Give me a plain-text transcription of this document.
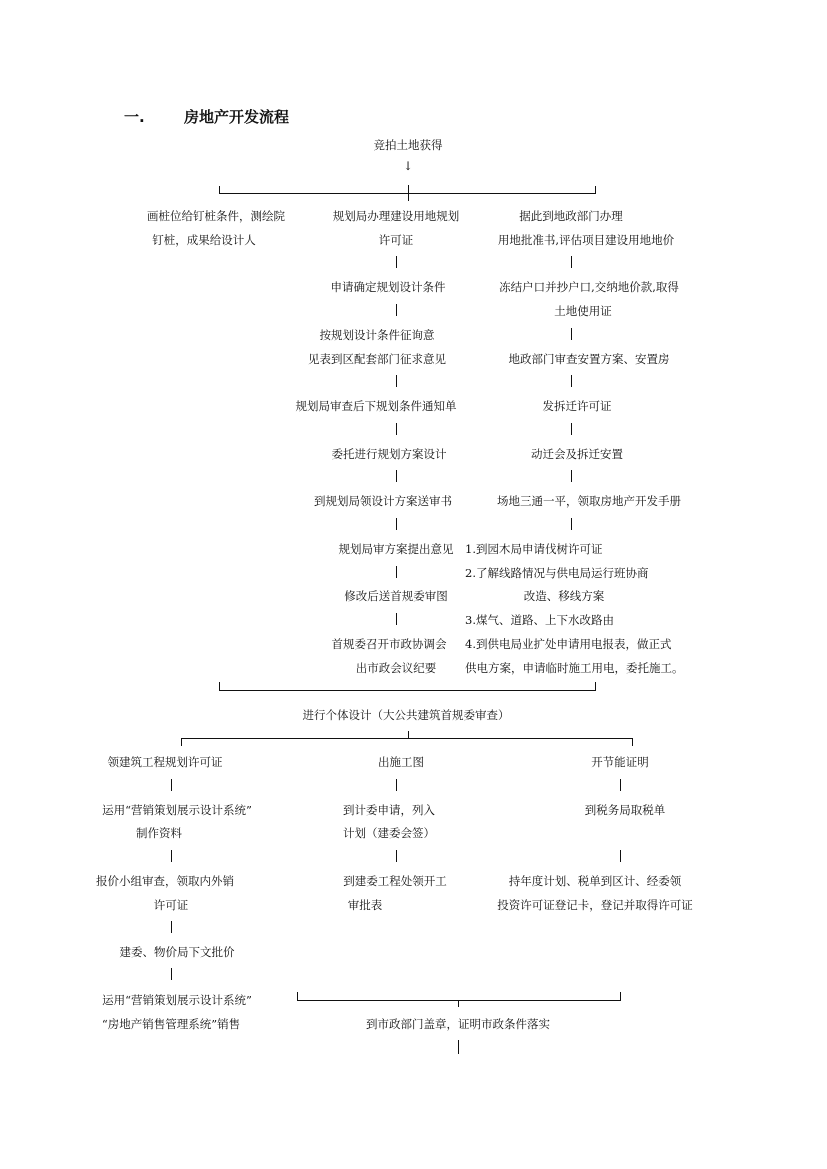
一.	房地产开发流程
竞拍土地获得
↓
画桩位给钉桩条件，测绘院
钉桩，成果给设计人
规划局办理建设用地规划
许可证
申请确定规划设计条件
按规划设计条件征询意
见表到区配套部门征求意见
规划局审查后下规划条件通知单
委托进行规划方案设计
到规划局领设计方案送审书
规划局审方案提出意见
修改后送首规委审图
首规委召开市政协调会
出市政会议纪要
据此到地政部门办理
用地批准书,评估项目建设用地地价
冻结户口并抄户口,交纳地价款,取得
土地使用证
地政部门审查安置方案、安置房
发拆迁许可证
动迁会及拆迁安置
场地三通一平，领取房地产开发手册
1.到园木局申请伐树许可证
2.了解线路情况与供电局运行班协商
改造、移线方案
3.煤气、道路、上下水改路由
4.到供电局业扩处申请用电报表，做正式
供电方案，申请临时施工用电，委托施工。
进行个体设计（大公共建筑首规委审查）
领建筑工程规划许可证
运用“营销策划展示设计系统”
制作资料
报价小组审查，领取内外销
许可证
建委、物价局下文批价
运用“营销策划展示设计系统”
“房地产销售管理系统”销售
出施工图
到计委申请，列入
计划（建委会签）
到建委工程处领开工
审批表
开节能证明
到税务局取税单
持年度计划、税单到区计、经委领
投资许可证登记卡，登记并取得许可证
到市政部门盖章，证明市政条件落实
